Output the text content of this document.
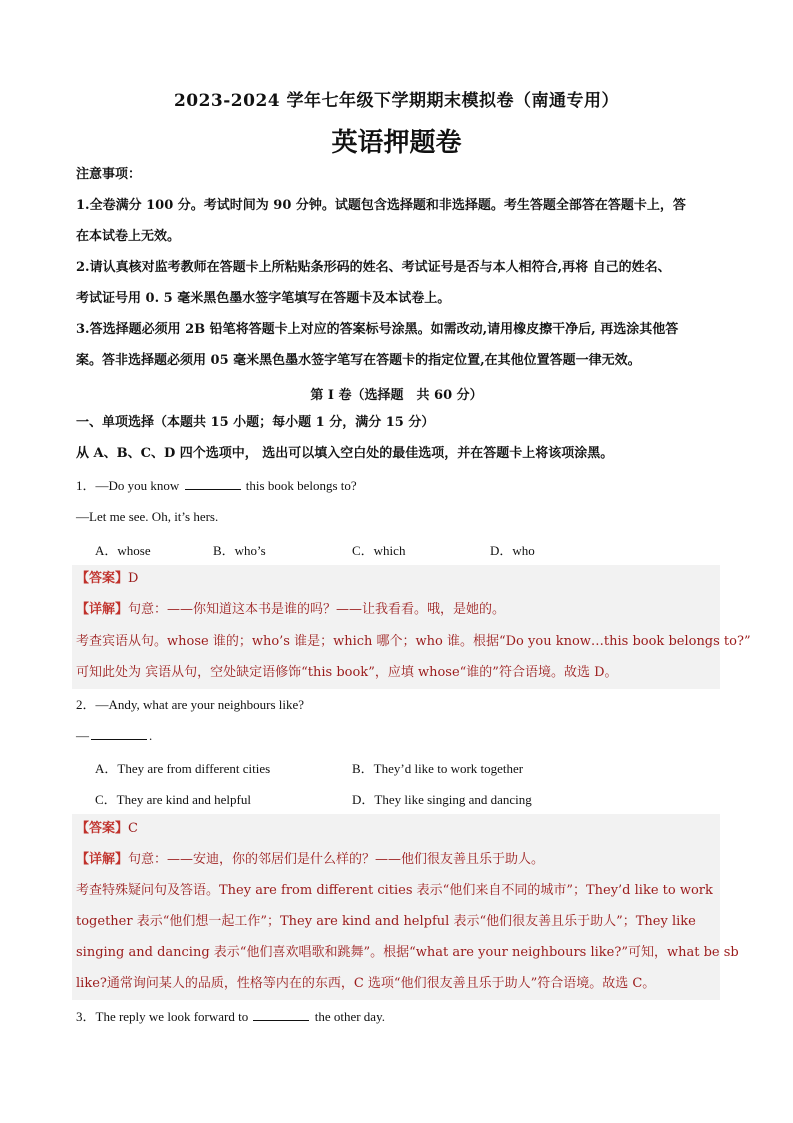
2023-2024 学年七年级下学期期末模拟卷（南通专用）
英语押题卷
注意事项：
1.全卷满分 100 分。考试时间为 90 分钟。试题包含选择题和非选择题。考生答题全部答在答题卡上，答
在本试卷上无效。
2.请认真核对监考教师在答题卡上所粘贴条形码的姓名、考试证号是否与本人相符合,再将 自己的姓名、
考试证号用 0. 5 毫米黑色墨水签字笔填写在答题卡及本试卷上。
3.答选择题必须用 2B 铅笔将答题卡上对应的答案标号涂黑。如需改动,请用橡皮擦干净后, 再选涂其他答
案。答非选择题必须用 05 毫米黑色墨水签字笔写在答题卡的指定位置,在其他位置答题一律无效。
第 I 卷（选择题　共 60 分）
一、单项选择（本题共 15 小题；每小题 1 分，满分 15 分）
从 A、B、C、D 四个选项中， 选出可以填入空白处的最佳选项，并在答题卡上将该项涂黑。
1．—Do you know	this book belongs to?
—Let me see. Oh, it’s hers.
A．whose	B．who’s	C．which	D．who
【答案】D
【详解】句意：——你知道这本书是谁的吗？——让我看看。哦，是她的。
考查宾语从句。whose 谁的；who’s 谁是；which 哪个；who 谁。根据“Do you know…this book belongs to?”
可知此处为 宾语从句，空处缺定语修饰“this book”，应填 whose“谁的”符合语境。故选 D。
2．—Andy, what are your neighbours like?
—	.
A．They are from different cities	B．They’d like to work together
C．They are kind and helpful	D．They like singing and dancing
【答案】C
【详解】句意：——安迪，你的邻居们是什么样的？——他们很友善且乐于助人。
考查特殊疑问句及答语。They are from different cities 表示“他们来自不同的城市”；They’d like to work
together 表示“他们想一起工作”；They are kind and helpful 表示“他们很友善且乐于助人”；They like
singing and dancing 表示“他们喜欢唱歌和跳舞”。根据“what are your neighbours like?”可知，what be sb
like?通常询问某人的品质，性格等内在的东西，C 选项“他们很友善且乐于助人”符合语境。故选 C。
3．The reply we look forward to	the other day.
